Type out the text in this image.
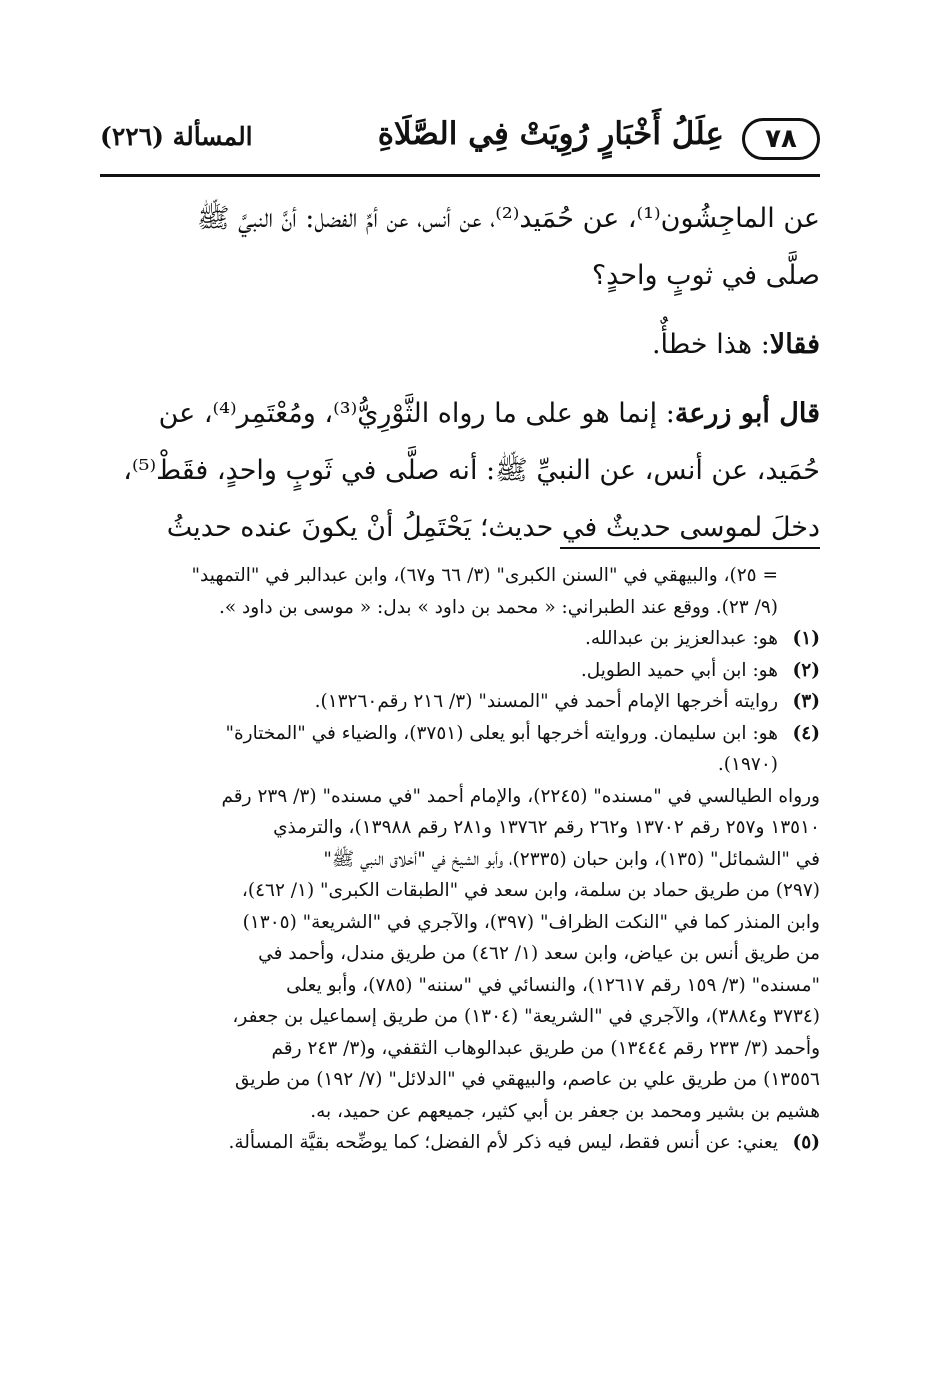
٧٨
عِلَلُ أَخْبَارٍ رُوِيَتْ فِي الصَّلَاةِ
المسألة (٢٢٦)

عن الماجِشُون⁽¹⁾، عن حُمَيد⁽²⁾، عن أنس، عن أمِّ الفضل: أنَّ النبيَّ ﷺ

صلَّى في ثوبٍ واحدٍ؟

فقالا: هذا خطأٌ.

قال أبو زرعة: إنما هو على ما رواه الثَّوْرِيُّ⁽³⁾، ومُعْتَمِر⁽⁴⁾، عن

حُمَيد، عن أنس، عن النبيِّ ﷺ: أنه صلَّى في ثَوبٍ واحدٍ، فقَطْ⁽⁵⁾،

دخلَ لموسى حديثٌ في حديث؛ يَحْتَمِلُ أنْ يكونَ عنده حديثُ

= ٢٥)، والبيهقي في "السنن الكبرى" (٣/ ٦٦ و٦٧)، وابن عبدالبر في "التمهيد"

(٩/ ٢٣). ووقع عند الطبراني: « محمد بن داود » بدل: « موسى بن داود ».

(١)
هو: عبدالعزيز بن عبدالله.
(٢)
هو: ابن أبي حميد الطويل.
(٣)
روايته أخرجها الإمام أحمد في "المسند" (٣/ ٢١٦ رقم١٣٢٦٠).
(٤)
هو: ابن سليمان. وروايته أخرجها أبو يعلى (٣٧٥١)، والضياء في "المختارة"
(١٩٧٠).

ورواه الطيالسي في "مسنده" (٢٢٤٥)، والإمام أحمد "في مسنده" (٣/ ٢٣٩ رقم

١٣٥١٠ و٢٥٧ رقم ١٣٧٠٢ و٢٦٢ رقم ١٣٧٦٢ و٢٨١ رقم ١٣٩٨٨)، والترمذي

في "الشمائل" (١٣٥)، وابن حبان (٢٣٣٥)، وأبو الشيخ في "أخلاق النبي ﷺ"

(٢٩٧) من طريق حماد بن سلمة، وابن سعد في "الطبقات الكبرى" (١/ ٤٦٢)،

وابن المنذر كما في "النكت الظراف" (٣٩٧)، والآجري في "الشريعة" (١٣٠٥)

من طريق أنس بن عياض، وابن سعد (١/ ٤٦٢) من طريق مندل، وأحمد في

"مسنده" (٣/ ١٥٩ رقم ١٢٦١٧)، والنسائي في "سننه" (٧٨٥)، وأبو يعلى

(٣٧٣٤ و٣٨٨٤)، والآجري في "الشريعة" (١٣٠٤) من طريق إسماعيل بن جعفر،

وأحمد (٣/ ٢٣٣ رقم ١٣٤٤٤) من طريق عبدالوهاب الثقفي، و(٣/ ٢٤٣ رقم

١٣٥٥٦) من طريق علي بن عاصم، والبيهقي في "الدلائل" (٧/ ١٩٢) من طريق

هشيم بن بشير ومحمد بن جعفر بن أبي كثير، جميعهم عن حميد، به.

(٥)
يعني: عن أنس فقط، ليس فيه ذكر لأم الفضل؛ كما يوضِّحه بقيَّة المسألة.
